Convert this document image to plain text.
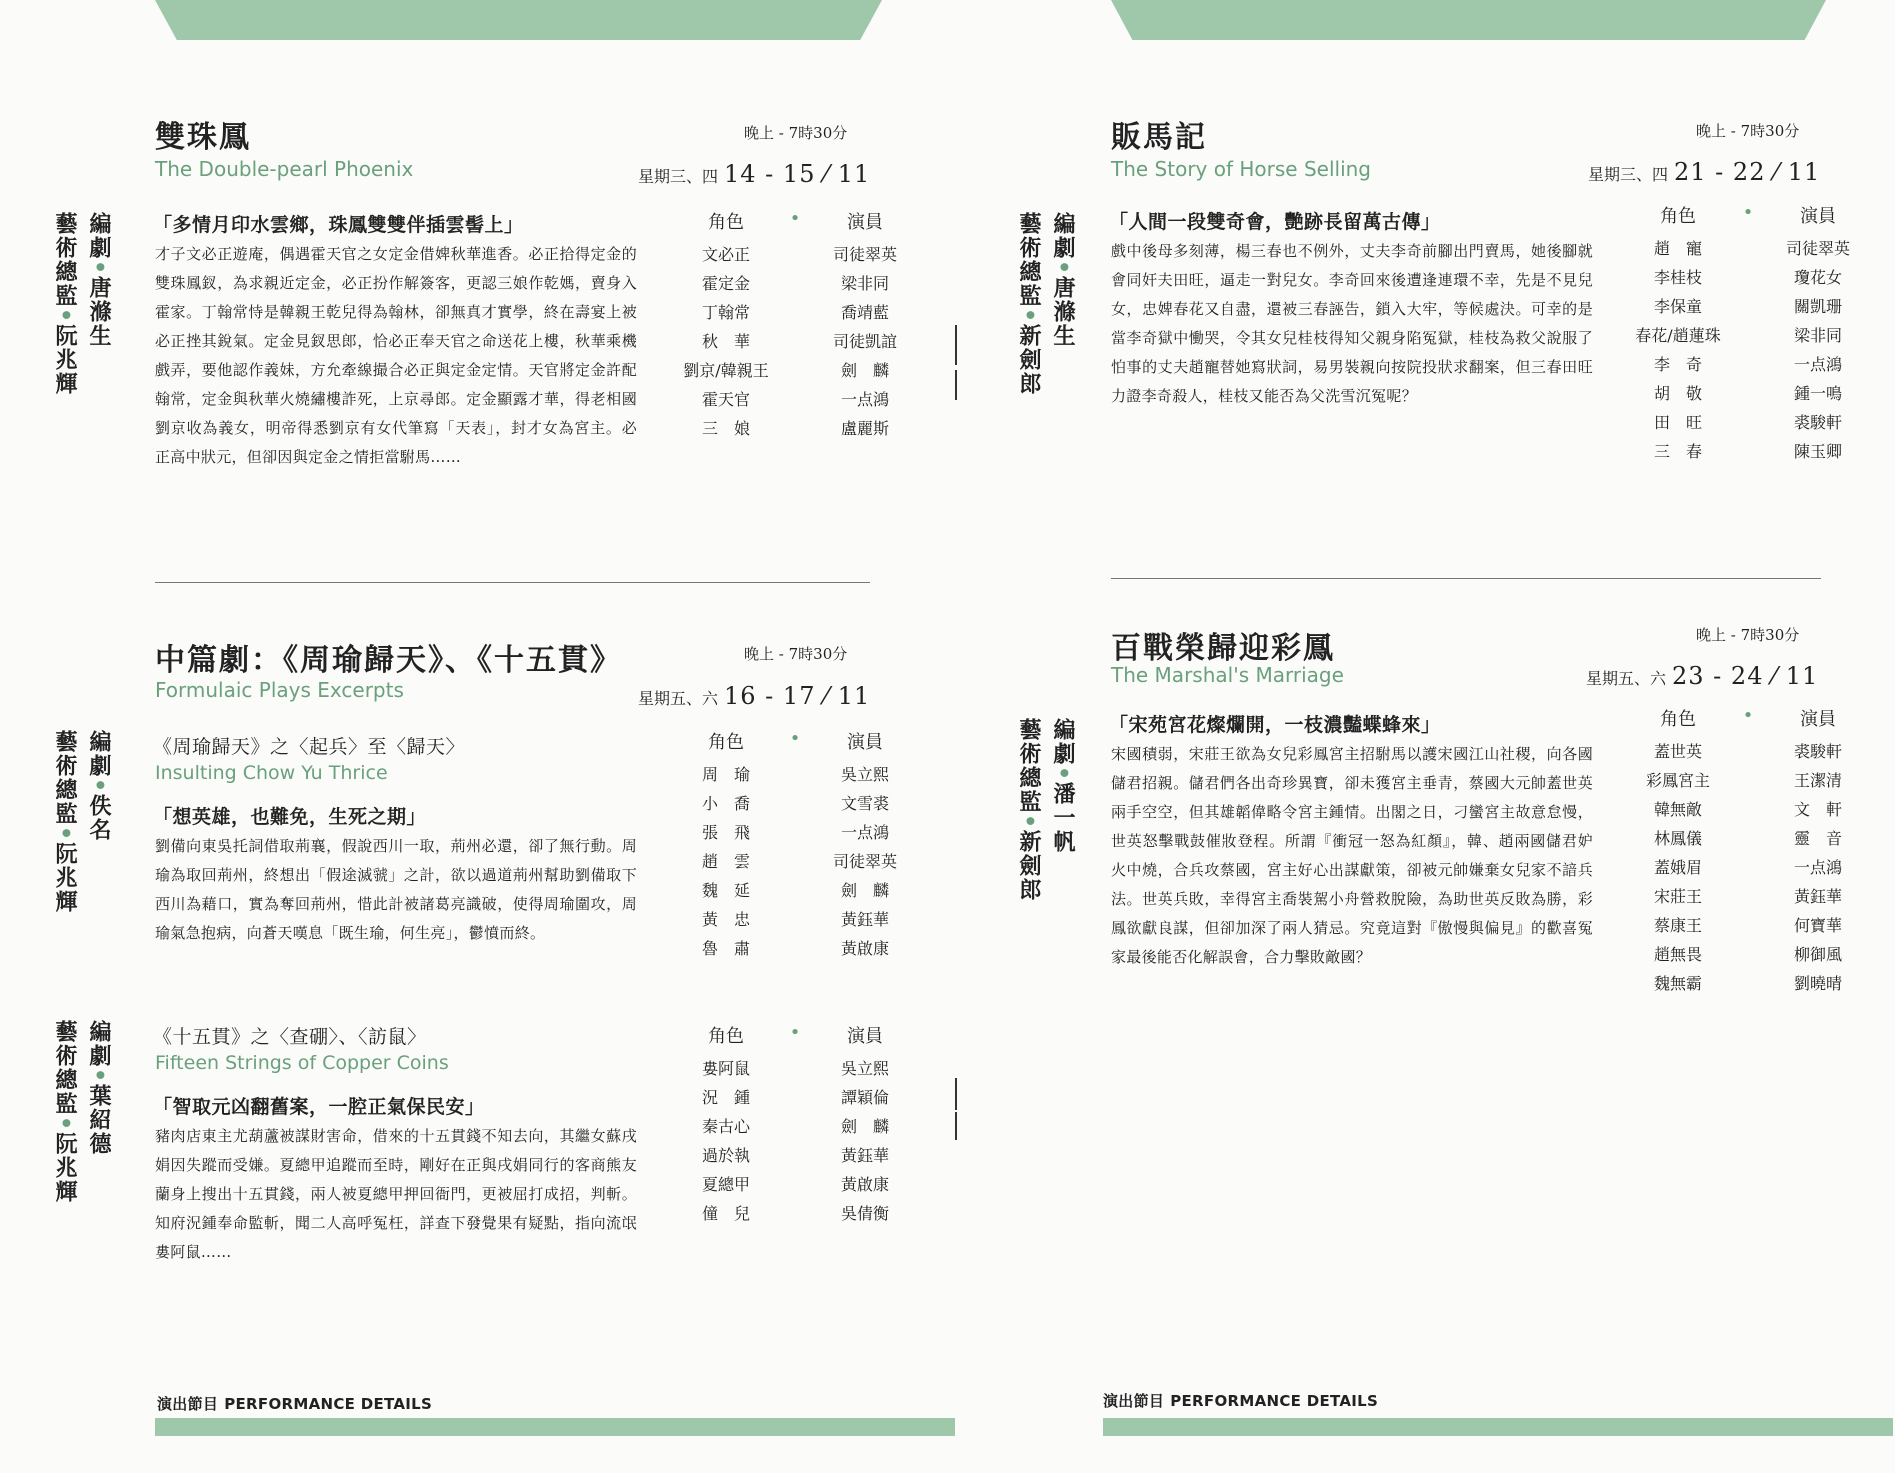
雙珠鳳
The Double-pearl Phoenix
晚上 - 7時30分
星期三、四 14 - 15 ⁄ 11
編劇•唐滌生
藝術總監•阮兆輝
「多情月印水雲鄉，珠鳳雙雙伴插雲髻上」
才子文必正遊庵，偶遇霍天官之女定金借婢秋華進香。必正拾得定金的雙珠鳳釵，為求親近定金，必正扮作解簽客，更認三娘作乾媽，賣身入霍家。丁翰常恃是韓親王乾兒得為翰林，卻無真才實學，終在壽宴上被必正挫其銳氣。定金見釵思郎，恰必正奉天官之命送花上樓，秋華乘機戲弄，要他認作義妹，方允牽線撮合必正與定金定情。天官將定金許配翰常，定金與秋華火燒繡樓詐死，上京尋郎。定金顯露才華，得老相國劉京收為義女，明帝得悉劉京有女代筆寫「天表」，封才女為宮主。必正高中狀元，但卻因與定金之情拒當駙馬……
角色	•	演員
文必正	司徒翠英
霍定金	梁非同
丁翰常	喬靖藍
秋　華	司徒凱誼
劉京/韓親王	劍　麟
霍天官	一点鴻
三　娘	盧麗斯
中篇劇：《周瑜歸天》、《十五貫》
Formulaic Plays Excerpts
晚上 - 7時30分
星期五、六 16 - 17 ⁄ 11
編劇•佚名
藝術總監•阮兆輝
《周瑜歸天》之〈起兵〉至〈歸天〉
Insulting Chow Yu Thrice
「想英雄，也難免，生死之期」
劉備向東吳托詞借取荊襄，假說西川一取，荊州必還，卻了無行動。周瑜為取回荊州，終想出「假途滅虢」之計，欲以過道荊州幫助劉備取下西川為藉口，實為奪回荊州，惜此計被諸葛亮識破，使得周瑜圍攻，周瑜氣急抱病，向蒼天嘆息「既生瑜，何生亮」，鬱憤而終。
角色	•	演員
周　瑜	吳立熙
小　喬	文雪裘
張　飛	一点鴻
趙　雲	司徒翠英
魏　延	劍　麟
黃　忠	黃鈺華
魯　肅	黃啟康
編劇•葉紹德
藝術總監•阮兆輝
《十五貫》之〈查硼〉、〈訪鼠〉
Fifteen Strings of Copper Coins
「智取元凶翻舊案，一腔正氣保民安」
豬肉店東主尤葫蘆被謀財害命，借來的十五貫錢不知去向，其繼女蘇戌娟因失蹤而受嫌。夏總甲追蹤而至時，剛好在正與戌娟同行的客商熊友蘭身上搜出十五貫錢，兩人被夏總甲押回衙門，更被屈打成招，判斬。知府況鍾奉命監斬，聞二人高呼冤枉，詳查下發覺果有疑點，指向流氓婁阿鼠……
角色	•	演員
婁阿鼠	吳立熙
況　鍾	譚穎倫
秦古心	劍　麟
過於執	黃鈺華
夏總甲	黃啟康
僮　兒	吳倩衡
演出節目 PERFORMANCE DETAILS
販馬記
The Story of Horse Selling
晚上 - 7時30分
星期三、四 21 - 22 ⁄ 11
編劇•唐滌生
藝術總監•新劍郎
「人間一段雙奇會，艷跡長留萬古傳」
戲中後母多刻薄，楊三春也不例外，丈夫李奇前腳出門賣馬，她後腳就會同奸夫田旺，逼走一對兒女。李奇回來後遭逢連環不幸，先是不見兒女，忠婢春花又自盡，還被三春誣告，鎖入大牢，等候處決。可幸的是當李奇獄中慟哭，令其女兒桂枝得知父親身陷冤獄，桂枝為救父說服了怕事的丈夫趙寵替她寫狀詞，易男裝親向按院投狀求翻案，但三春田旺力證李奇殺人，桂枝又能否為父洗雪沉冤呢？
角色	•	演員
趙　寵	司徒翠英
李桂枝	瓊花女
李保童	關凱珊
春花/趙蓮珠	梁非同
李　奇	一点鴻
胡　敬	鍾一鳴
田　旺	裘駿軒
三　春	陳玉卿
百戰榮歸迎彩鳳
The Marshal's Marriage
晚上 - 7時30分
星期五、六 23 - 24 ⁄ 11
編劇•潘一帆
藝術總監•新劍郎
「宋苑宮花燦爛開，一枝濃豔蝶蜂來」
宋國積弱，宋莊王欲為女兒彩鳳宮主招駙馬以護宋國江山社稷，向各國儲君招親。儲君們各出奇珍異寶，卻未獲宮主垂青，蔡國大元帥蓋世英兩手空空，但其雄韜偉略令宮主鍾情。出閣之日，刁蠻宮主故意怠慢，世英怒擊戰鼓催妝登程。所謂『衝冠一怒為紅顏』，韓、趙兩國儲君妒火中燒，合兵攻蔡國，宮主好心出謀獻策，卻被元帥嫌棄女兒家不諳兵法。世英兵敗，幸得宮主喬裝駕小舟營救脫險，為助世英反敗為勝，彩鳳欲獻良謀，但卻加深了兩人猜忌。究竟這對『傲慢與偏見』的歡喜冤家最後能否化解誤會，合力擊敗敵國？
角色	•	演員
蓋世英	裘駿軒
彩鳳宮主	王潔清
韓無敵	文　軒
林鳳儀	靈　音
蓋娥眉	一点鴻
宋莊王	黃鈺華
蔡康王	何寶華
趙無畏	柳御風
魏無霸	劉曉晴
演出節目 PERFORMANCE DETAILS
